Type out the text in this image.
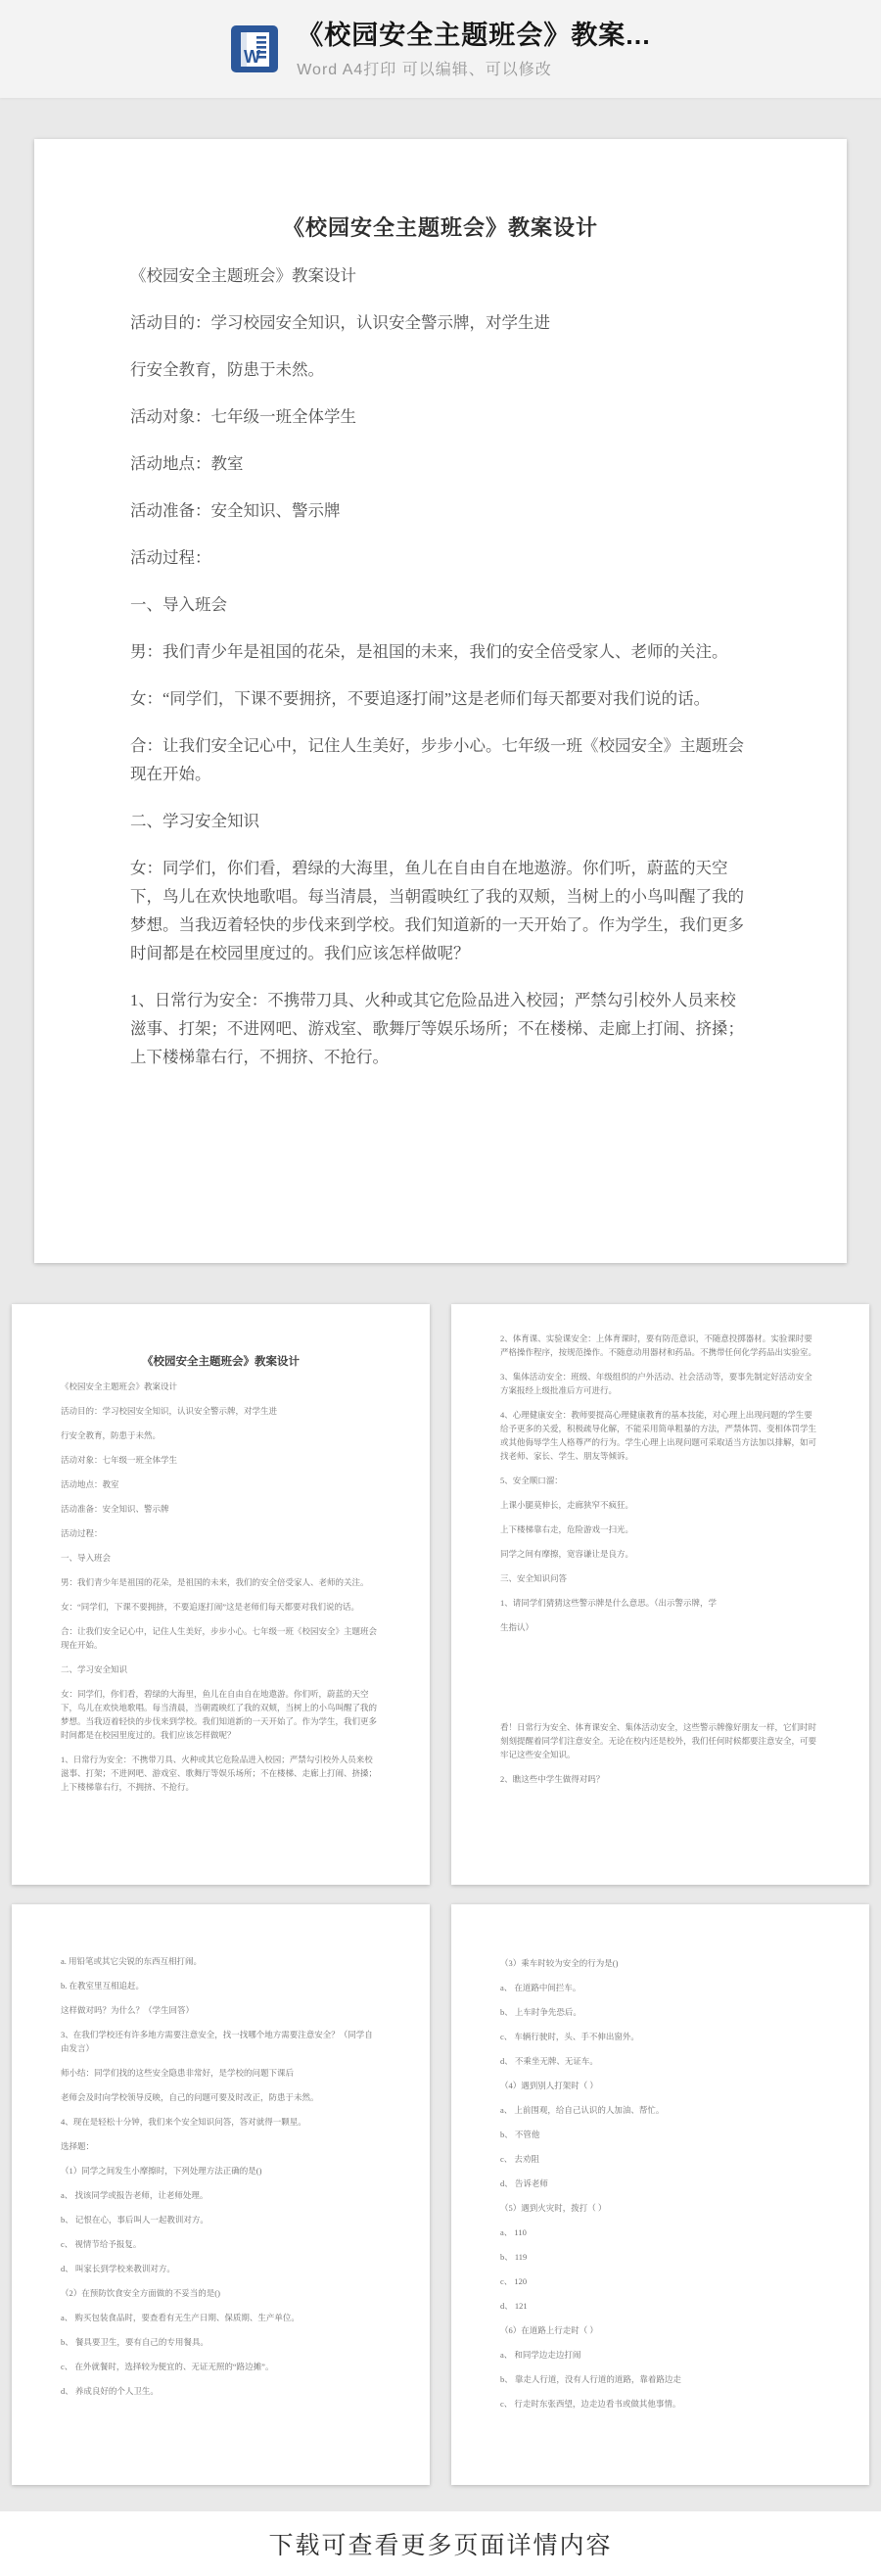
W
《校园安全主题班会》教案...
Word A4打印 可以编辑、可以修改

《校园安全主题班会》教案设计

《校园安全主题班会》教案设计

活动目的：学习校园安全知识，认识安全警示牌，对学生进

行安全教育，防患于未然。

活动对象：七年级一班全体学生

活动地点：教室

活动准备：安全知识、警示牌

活动过程：

一、导入班会

男：我们青少年是祖国的花朵，是祖国的未来，我们的安全倍受家人、老师的关注。

女：“同学们，下课不要拥挤，不要追逐打闹”这是老师们每天都要对我们说的话。

合：让我们安全记心中，记住人生美好，步步小心。七年级一班《校园安全》主题班会现在开始。

二、学习安全知识

女：同学们，你们看，碧绿的大海里，鱼儿在自由自在地遨游。你们听，蔚蓝的天空下，鸟儿在欢快地歌唱。每当清晨，当朝霞映红了我的双颊，当树上的小鸟叫醒了我的梦想。当我迈着轻快的步伐来到学校。我们知道新的一天开始了。作为学生，我们更多时间都是在校园里度过的。我们应该怎样做呢？

1、日常行为安全：不携带刀具、火种或其它危险品进入校园；严禁勾引校外人员来校滋事、打架；不进网吧、游戏室、歌舞厅等娱乐场所；不在楼梯、走廊上打闹、挤搡；上下楼梯靠右行，不拥挤、不抢行。

《校园安全主题班会》教案设计

《校园安全主题班会》教案设计

活动目的：学习校园安全知识，认识安全警示牌，对学生进

行安全教育，防患于未然。

活动对象：七年级一班全体学生

活动地点：教室

活动准备：安全知识、警示牌

活动过程：

一、导入班会

男：我们青少年是祖国的花朵，是祖国的未来，我们的安全倍受家人、老师的关注。

女：“同学们，下课不要拥挤，不要追逐打闹”这是老师们每天都要对我们说的话。

合：让我们安全记心中，记住人生美好，步步小心。七年级一班《校园安全》主题班会现在开始。

二、学习安全知识

女：同学们，你们看，碧绿的大海里，鱼儿在自由自在地遨游。你们听，蔚蓝的天空下，鸟儿在欢快地歌唱。每当清晨，当朝霞映红了我的双颊，当树上的小鸟叫醒了我的梦想。当我迈着轻快的步伐来到学校。我们知道新的一天开始了。作为学生，我们更多时间都是在校园里度过的。我们应该怎样做呢？

1、日常行为安全：不携带刀具、火种或其它危险品进入校园；严禁勾引校外人员来校滋事、打架；不进网吧、游戏室、歌舞厅等娱乐场所；不在楼梯、走廊上打闹、挤搡；上下楼梯靠右行，不拥挤、不抢行。

2、体育课、实验课安全：上体育课时，要有防范意识，不随意投掷器材。实验课时要严格操作程序，按规范操作。不随意动用器材和药品。不携带任何化学药品出实验室。

3、集体活动安全：班级、年级组织的户外活动、社会活动等，要事先制定好活动安全方案报经上级批准后方可进行。

4、心理健康安全：教师要提高心理健康教育的基本技能，对心理上出现问题的学生要给予更多的关爱，积极疏导化解，不能采用简单粗暴的方法，严禁体罚、变相体罚学生或其他侮辱学生人格尊严的行为。学生心理上出现问题可采取适当方法加以排解，如可找老师、家长、学生、朋友等倾诉。

5、安全顺口溜：

上课小腿莫伸长，走廊狭窄不疯狂。

上下楼梯靠右走，危险游戏一扫光。

同学之间有摩擦，宽容谦让是良方。

三、安全知识问答

1、请同学们猜猜这些警示牌是什么意思。（出示警示牌，学

生指认）

看！日常行为安全、体育课安全、集体活动安全，这些警示牌像好朋友一样，它们时时刻刻提醒着同学们注意安全。无论在校内还是校外，我们任何时候都要注意安全，可要牢记这些安全知识。

2、瞧这些中学生做得对吗？

a. 用铅笔或其它尖锐的东西互相打闹。

b. 在教室里互相追赶。

这样做对吗？为什么？（学生回答）

3、在我们学校还有许多地方需要注意安全，找一找哪个地方需要注意安全？（同学自由发言）

师小结：同学们找的这些安全隐患非常好，是学校的问题下课后

老师会及时向学校领导反映，自己的问题可要及时改正，防患于未然。

4、现在是轻松十分钟，我们来个安全知识问答，答对就得一颗星。

选择题：

（1）同学之间发生小摩擦时，下列处理方法正确的是()

a、 找该同学或报告老师，让老师处理。

b、 记恨在心，事后叫人一起教训对方。

c、 视情节给予报复。

d、 叫家长到学校来教训对方。

（2）在预防饮食安全方面做的不妥当的是()

a、 购买包装食品时，要查看有无生产日期、保质期、生产单位。

b、 餐具要卫生，要有自己的专用餐具。

c、 在外就餐时，选择较为便宜的、无证无照的“路边摊”。

d、 养成良好的个人卫生。

（3）乘车时较为安全的行为是()

a、 在道路中间拦车。

b、 上车时争先恐后。

c、 车辆行驶时，头、手不伸出窗外。

d、 不乘坐无牌、无证车。

（4）遇到别人打架时（ ）

a、 上前围观，给自己认识的人加油、帮忙。

b、 不管他

c、 去劝阻

d、 告诉老师

（5）遇到火灾时，拨打（ ）

a、 110

b、 119

c、 120

d、 121

（6）在道路上行走时（ ）

a、 和同学边走边打闹

b、 靠走人行道，没有人行道的道路，靠着路边走

c、 行走时东张西望，边走边看书或做其他事情。

下载可查看更多页面详情内容
